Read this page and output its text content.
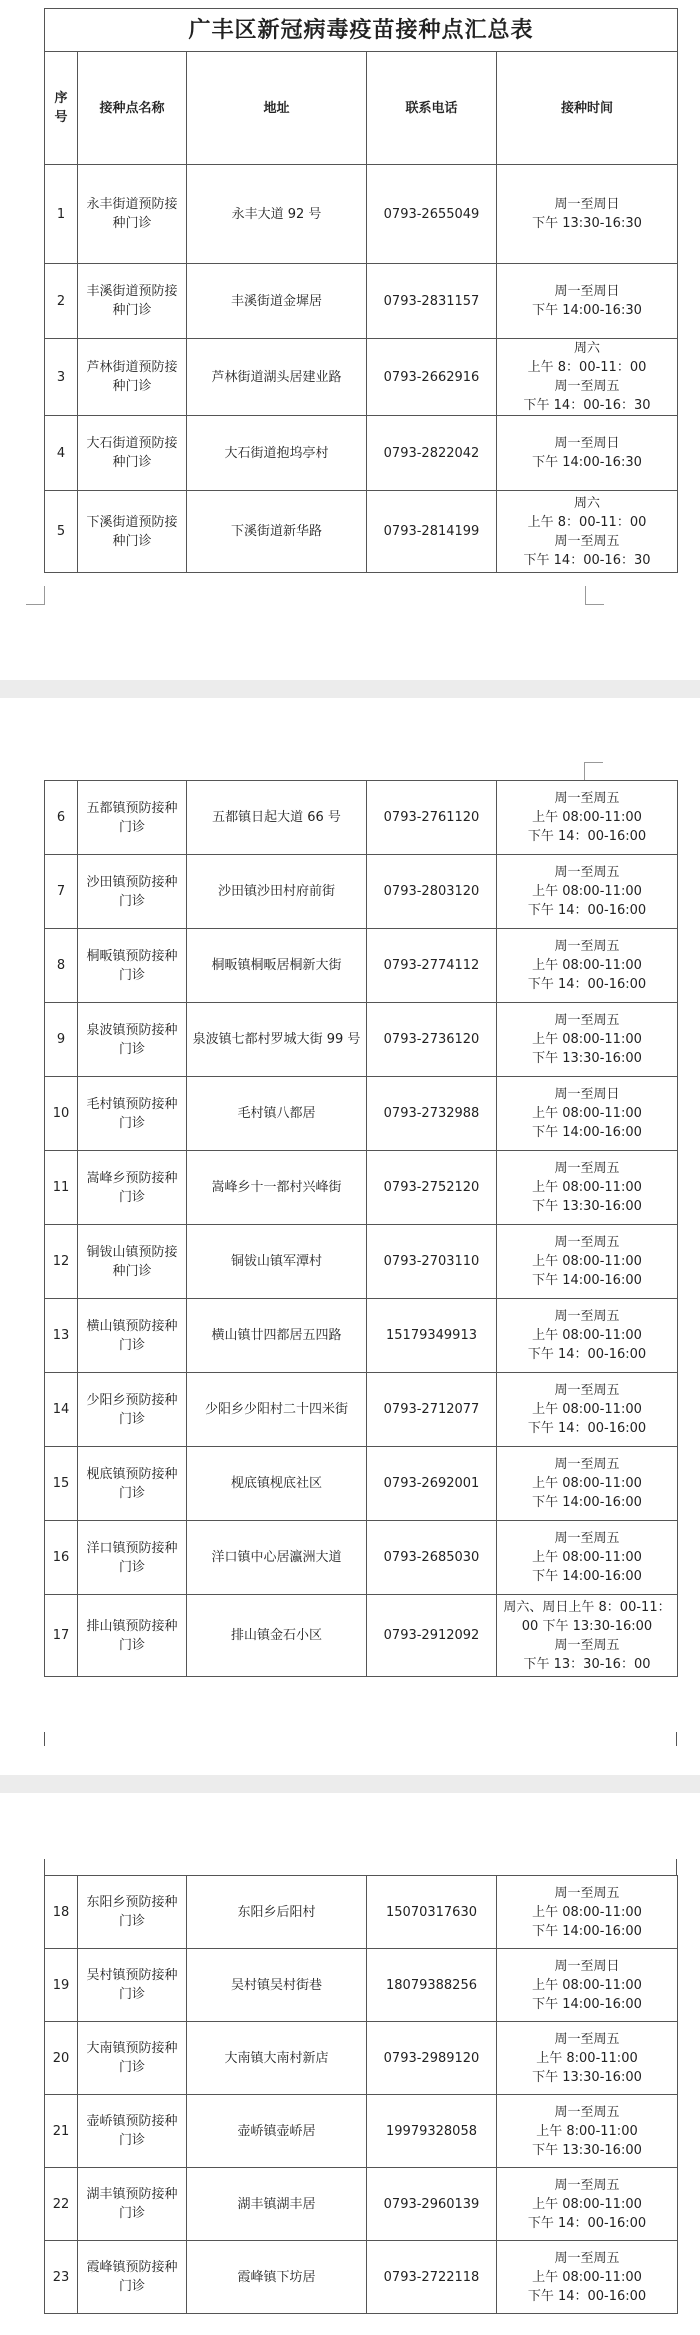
广丰区新冠病毒疫苗接种点汇总表				
序
号	接种点名称	地址	联系电话	接种时间
1	永丰街道预防接种门诊	永丰大道 92 号	0793-2655049	周一至周日
下午 13:30-16:30

2	丰溪街道预防接种门诊	丰溪街道金墀居	0793-2831157	周一至周日
下午 14:00-16:30

3	芦林街道预防接种门诊	芦林街道湖头居建业路	0793-2662916	周六
上午 8：00-11：00
周一至周五
下午 14：00-16：30

4	大石街道预防接种门诊	大石街道抱坞亭村	0793-2822042	周一至周日
下午 14:00-16:30

5	下溪街道预防接种门诊	下溪街道新华路	0793-2814199	周六
上午 8：00-11：00
周一至周五
下午 14：00-16：30
6	五都镇预防接种门诊	五都镇日起大道 66 号	0793-2761120	周一至周五
上午 08:00-11:00
下午 14：00-16:00

7	沙田镇预防接种门诊	沙田镇沙田村府前街	0793-2803120	周一至周五
上午 08:00-11:00
下午 14：00-16:00

8	桐畈镇预防接种门诊	桐畈镇桐畈居桐新大街	0793-2774112	周一至周五
上午 08:00-11:00
下午 14：00-16:00

9	泉波镇预防接种门诊	泉波镇七都村罗城大街 99 号	0793-2736120	周一至周五
上午 08:00-11:00
下午 13:30-16:00

10	毛村镇预防接种门诊	毛村镇八都居	0793-2732988	周一至周日
上午 08:00-11:00
下午 14:00-16:00

11	嵩峰乡预防接种门诊	嵩峰乡十一都村兴峰街	0793-2752120	周一至周五
上午 08:00-11:00
下午 13:30-16:00

12	铜钹山镇预防接种门诊	铜钹山镇军潭村	0793-2703110	周一至周五
上午 08:00-11:00
下午 14:00-16:00

13	横山镇预防接种门诊	横山镇廿四都居五四路	15179349913	周一至周五
上午 08:00-11:00
下午 14：00-16:00

14	少阳乡预防接种门诊	少阳乡少阳村二十四米街	0793-2712077	周一至周五
上午 08:00-11:00
下午 14：00-16:00

15	枧底镇预防接种门诊	枧底镇枧底社区	0793-2692001	周一至周五
上午 08:00-11:00
下午 14:00-16:00

16	洋口镇预防接种门诊	洋口镇中心居瀛洲大道	0793-2685030	周一至周五
上午 08:00-11:00
下午 14:00-16:00

17	排山镇预防接种门诊	排山镇金石小区	0793-2912092	周六、周日上午 8：00-11：
00 下午 13:30-16:00
周一至周五
下午 13：30-16：00
18	东阳乡预防接种门诊	东阳乡后阳村	15070317630	周一至周五
上午 08:00-11:00
下午 14:00-16:00

19	吴村镇预防接种门诊	吴村镇吴村街巷	18079388256	周一至周日
上午 08:00-11:00
下午 14:00-16:00

20	大南镇预防接种门诊	大南镇大南村新店	0793-2989120	周一至周五
上午 8:00-11:00
下午 13:30-16:00

21	壶峤镇预防接种门诊	壶峤镇壶峤居	19979328058	周一至周五
上午 8:00-11:00
下午 13:30-16:00

22	湖丰镇预防接种门诊	湖丰镇湖丰居	0793-2960139	周一至周五
上午 08:00-11:00
下午 14：00-16:00

23	霞峰镇预防接种门诊	霞峰镇下坊居	0793-2722118	周一至周五
上午 08:00-11:00
下午 14：00-16:00
